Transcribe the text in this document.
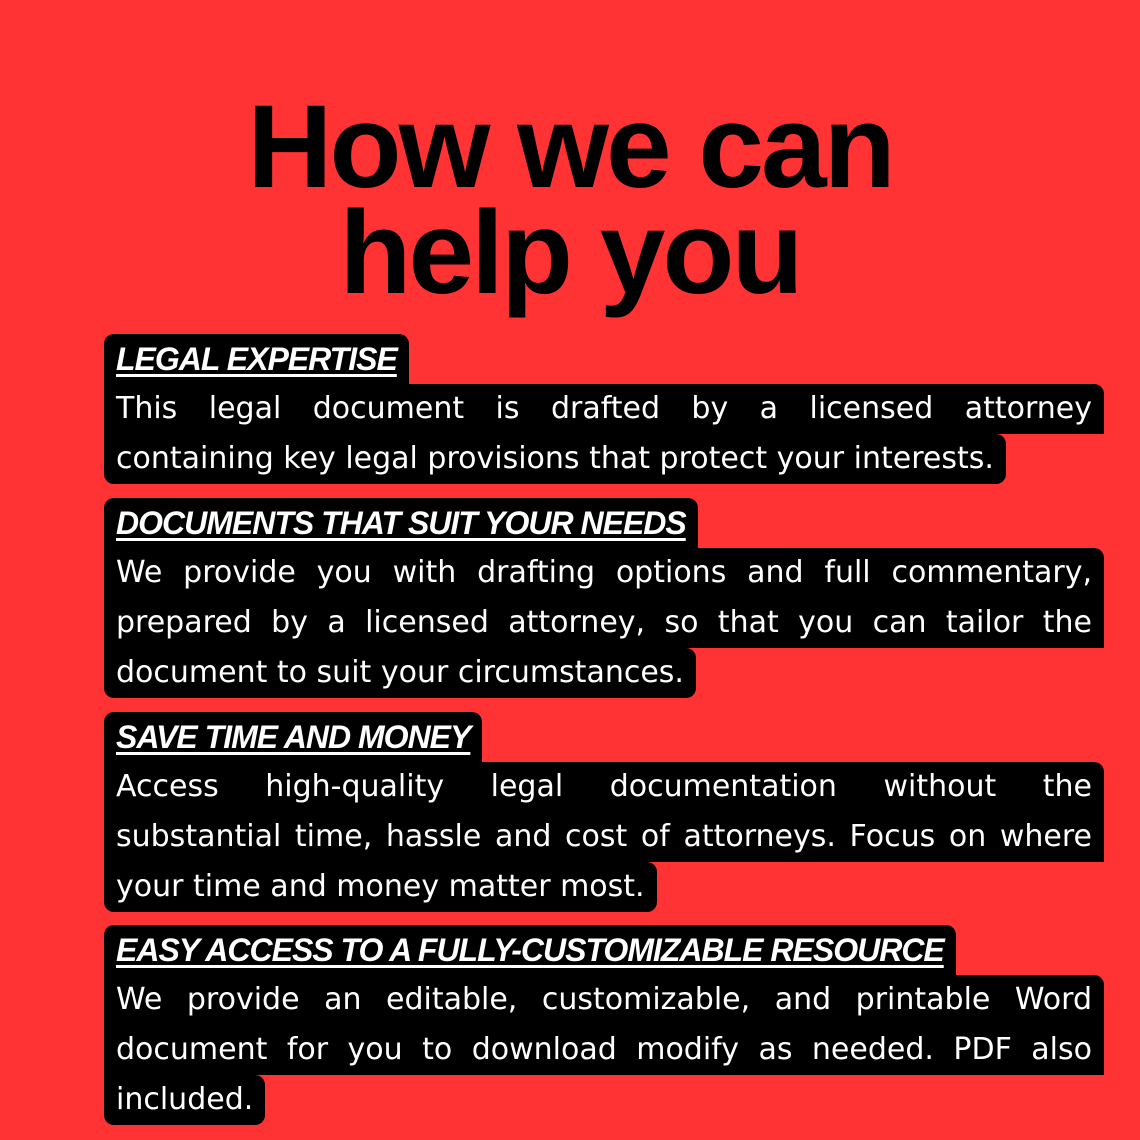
How we can
help you
LEGAL EXPERTISE
This legal document is drafted by a licensed attorney
containing key legal provisions that protect your interests.
DOCUMENTS THAT SUIT YOUR NEEDS
We provide you with drafting options and full commentary,
prepared by a licensed attorney, so that you can tailor the
document to suit your circumstances.
SAVE TIME AND MONEY
Access high-quality legal documentation without the
substantial time, hassle and cost of attorneys. Focus on where
your time and money matter most.
EASY ACCESS TO A FULLY-CUSTOMIZABLE RESOURCE
We provide an editable, customizable, and printable Word
document for you to download modify as needed. PDF also
included.
